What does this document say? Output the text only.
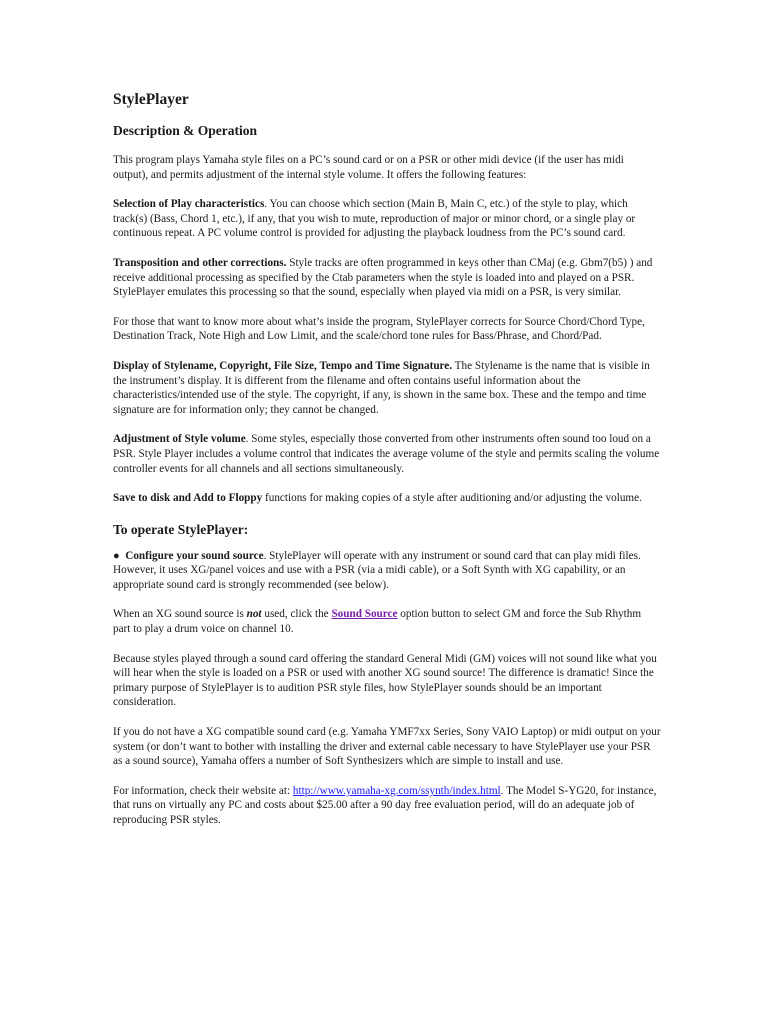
StylePlayer
Description & Operation

This program plays Yamaha style files on a PC’s sound card or on a PSR or other midi device (if the user has midi output), and permits adjustment of the internal style volume. It offers the following features:

Selection of Play characteristics. You can choose which section (Main B, Main C, etc.) of the style to play, which track(s) (Bass, Chord 1, etc.), if any, that you wish to mute, reproduction of major or minor chord, or a single play or continuous repeat. A PC volume control is provided for adjusting the playback loudness from the PC’s sound card.

Transposition and other corrections. Style tracks are often programmed in keys other than CMaj (e.g. Gbm7(b5) ) and receive additional processing as specified by the Ctab parameters when the style is loaded into and played on a PSR. StylePlayer emulates this processing so that the sound, especially when played via midi on a PSR, is very similar.

For those that want to know more about what’s inside the program, StylePlayer corrects for Source Chord/Chord Type, Destination Track, Note High and Low Limit, and the scale/chord tone rules for Bass/Phrase, and Chord/Pad.

Display of Stylename, Copyright, File Size, Tempo and Time Signature. The Stylename is the name that is visible in the instrument’s display. It is different from the filename and often contains useful information about the characteristics/intended use of the style. The copyright, if any, is shown in the same box. These and the tempo and time signature are for information only; they cannot be changed.

Adjustment of Style volume. Some styles, especially those converted from other instruments often sound too loud on a PSR. Style Player includes a volume control that indicates the average volume of the style and permits scaling the volume controller events for all channels and all sections simultaneously.

Save to disk and Add to Floppy functions for making copies of a style after auditioning and/or adjusting the volume.

To operate StylePlayer:

● Configure your sound source. StylePlayer will operate with any instrument or sound card that can play midi files. However, it uses XG/panel voices and use with a PSR (via a midi cable), or a Soft Synth with XG capability, or an appropriate sound card is strongly recommended (see below).

When an XG sound source is not used, click the Sound Source option button to select GM and force the Sub Rhythm part to play a drum voice on channel 10.

Because styles played through a sound card offering the standard General Midi (GM) voices will not sound like what you will hear when the style is loaded on a PSR or used with another XG sound source! The difference is dramatic! Since the primary purpose of StylePlayer is to audition PSR style files, how StylePlayer sounds should be an important consideration.

If you do not have a XG compatible sound card (e.g. Yamaha YMF7xx Series, Sony VAIO Laptop) or midi output on your system (or don’t want to bother with installing the driver and external cable necessary to have StylePlayer use your PSR as a sound source), Yamaha offers a number of Soft Synthesizers which are simple to install and use.

For information, check their website at: http://www.yamaha-xg.com/ssynth/index.html. The Model S-YG20, for instance, that runs on virtually any PC and costs about $25.00 after a 90 day free evaluation period, will do an adequate job of reproducing PSR styles.
